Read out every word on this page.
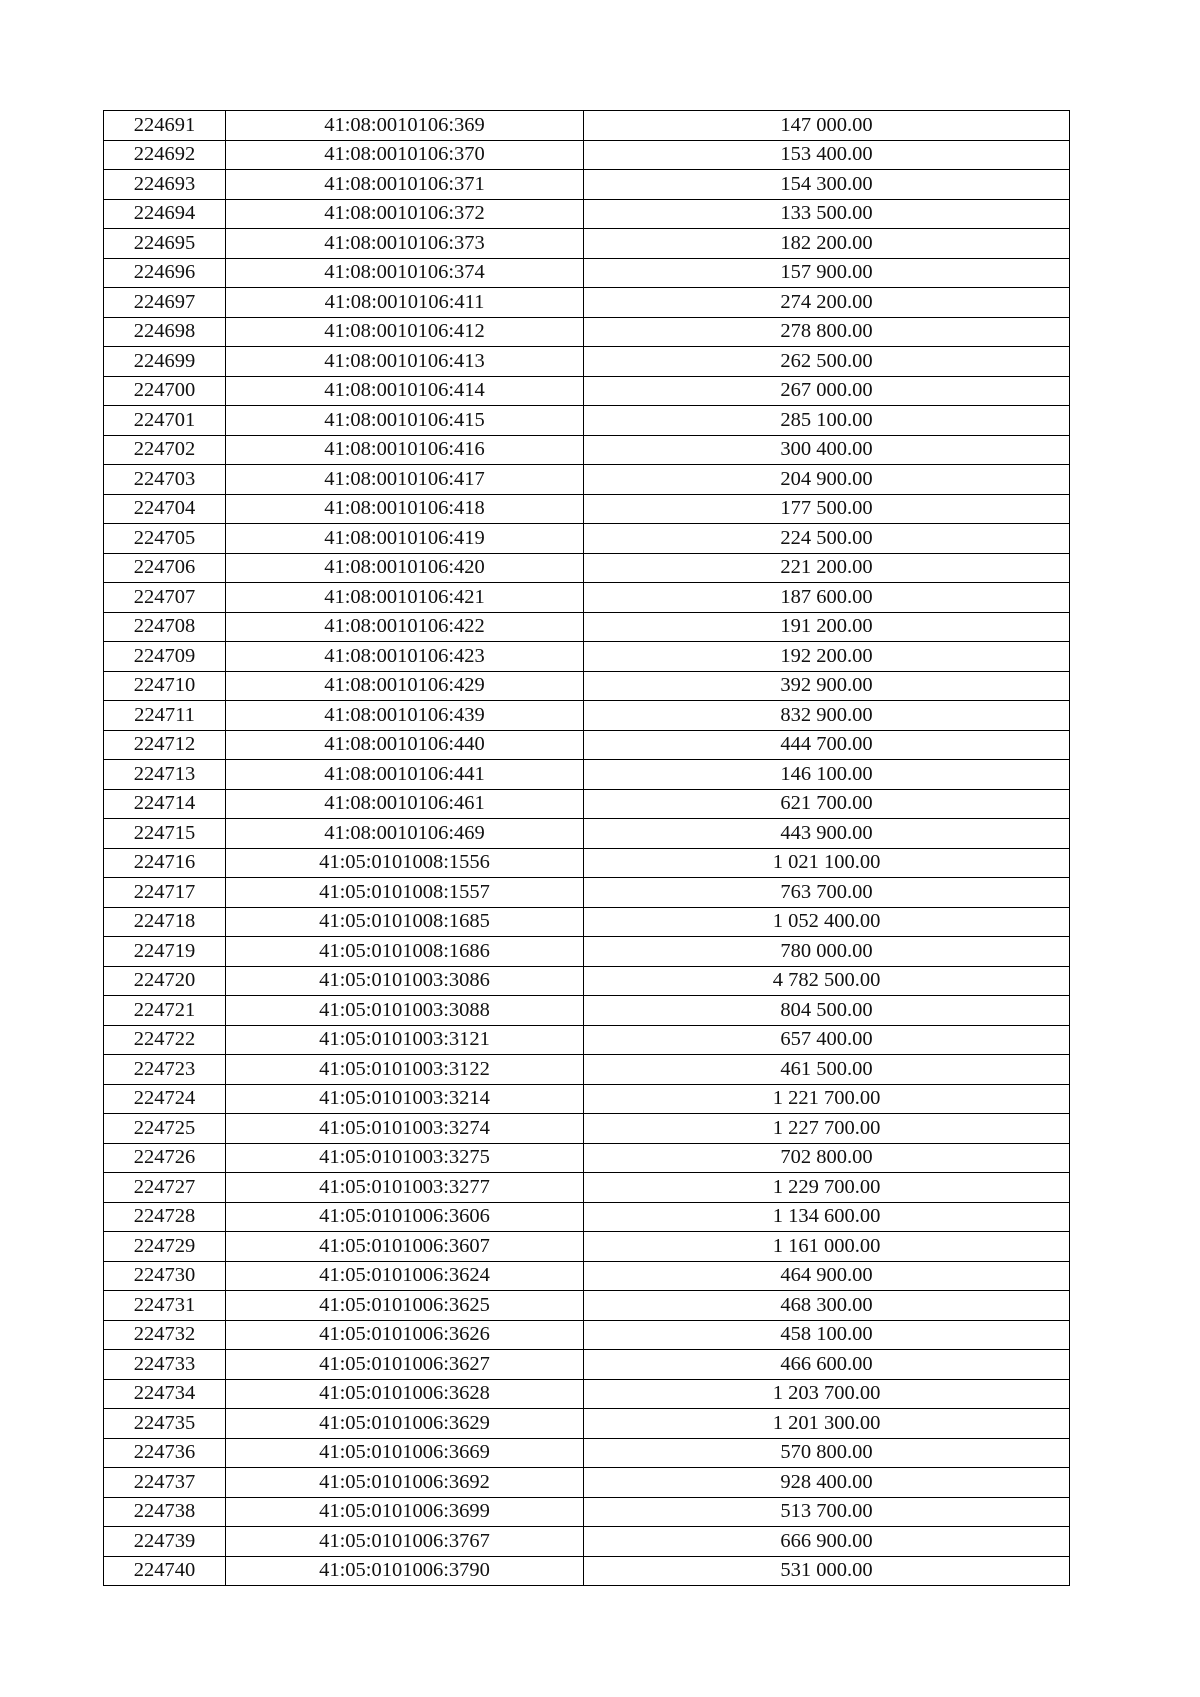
224691	41:08:0010106:369	147 000.00
224692	41:08:0010106:370	153 400.00
224693	41:08:0010106:371	154 300.00
224694	41:08:0010106:372	133 500.00
224695	41:08:0010106:373	182 200.00
224696	41:08:0010106:374	157 900.00
224697	41:08:0010106:411	274 200.00
224698	41:08:0010106:412	278 800.00
224699	41:08:0010106:413	262 500.00
224700	41:08:0010106:414	267 000.00
224701	41:08:0010106:415	285 100.00
224702	41:08:0010106:416	300 400.00
224703	41:08:0010106:417	204 900.00
224704	41:08:0010106:418	177 500.00
224705	41:08:0010106:419	224 500.00
224706	41:08:0010106:420	221 200.00
224707	41:08:0010106:421	187 600.00
224708	41:08:0010106:422	191 200.00
224709	41:08:0010106:423	192 200.00
224710	41:08:0010106:429	392 900.00
224711	41:08:0010106:439	832 900.00
224712	41:08:0010106:440	444 700.00
224713	41:08:0010106:441	146 100.00
224714	41:08:0010106:461	621 700.00
224715	41:08:0010106:469	443 900.00
224716	41:05:0101008:1556	1 021 100.00
224717	41:05:0101008:1557	763 700.00
224718	41:05:0101008:1685	1 052 400.00
224719	41:05:0101008:1686	780 000.00
224720	41:05:0101003:3086	4 782 500.00
224721	41:05:0101003:3088	804 500.00
224722	41:05:0101003:3121	657 400.00
224723	41:05:0101003:3122	461 500.00
224724	41:05:0101003:3214	1 221 700.00
224725	41:05:0101003:3274	1 227 700.00
224726	41:05:0101003:3275	702 800.00
224727	41:05:0101003:3277	1 229 700.00
224728	41:05:0101006:3606	1 134 600.00
224729	41:05:0101006:3607	1 161 000.00
224730	41:05:0101006:3624	464 900.00
224731	41:05:0101006:3625	468 300.00
224732	41:05:0101006:3626	458 100.00
224733	41:05:0101006:3627	466 600.00
224734	41:05:0101006:3628	1 203 700.00
224735	41:05:0101006:3629	1 201 300.00
224736	41:05:0101006:3669	570 800.00
224737	41:05:0101006:3692	928 400.00
224738	41:05:0101006:3699	513 700.00
224739	41:05:0101006:3767	666 900.00
224740	41:05:0101006:3790	531 000.00
